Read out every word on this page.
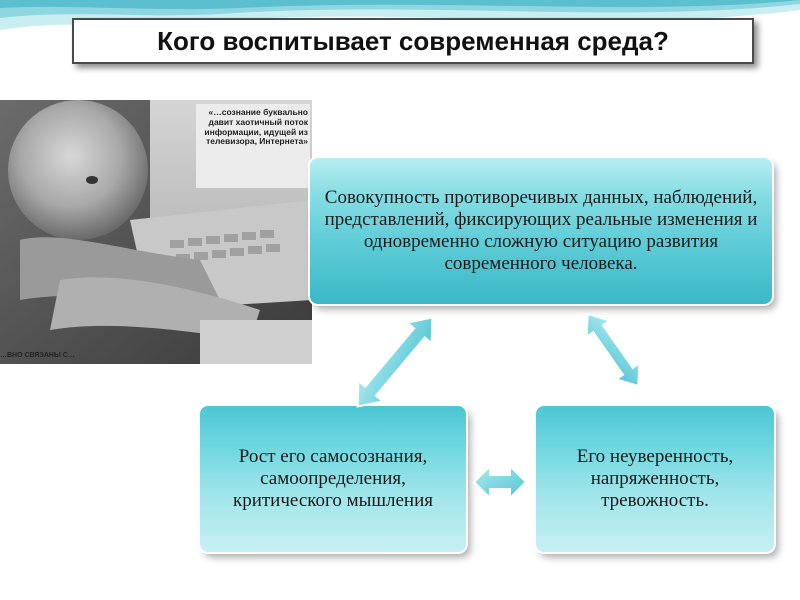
Кого воспитывает современная среда?
«…сознание буквально давит хаотичный поток информации, идущей из телевизора, Интернета»
…ВНО СВЯЗАНЫ С…
Совокупность противоречивых данных, наблюдений, представлений, фиксирующих реальные изменения и одновременно сложную ситуацию развития современного человека.
Рост его самосознания, самоопределения, критического мышления
Его неуверенность, напряженность, тревожность.
